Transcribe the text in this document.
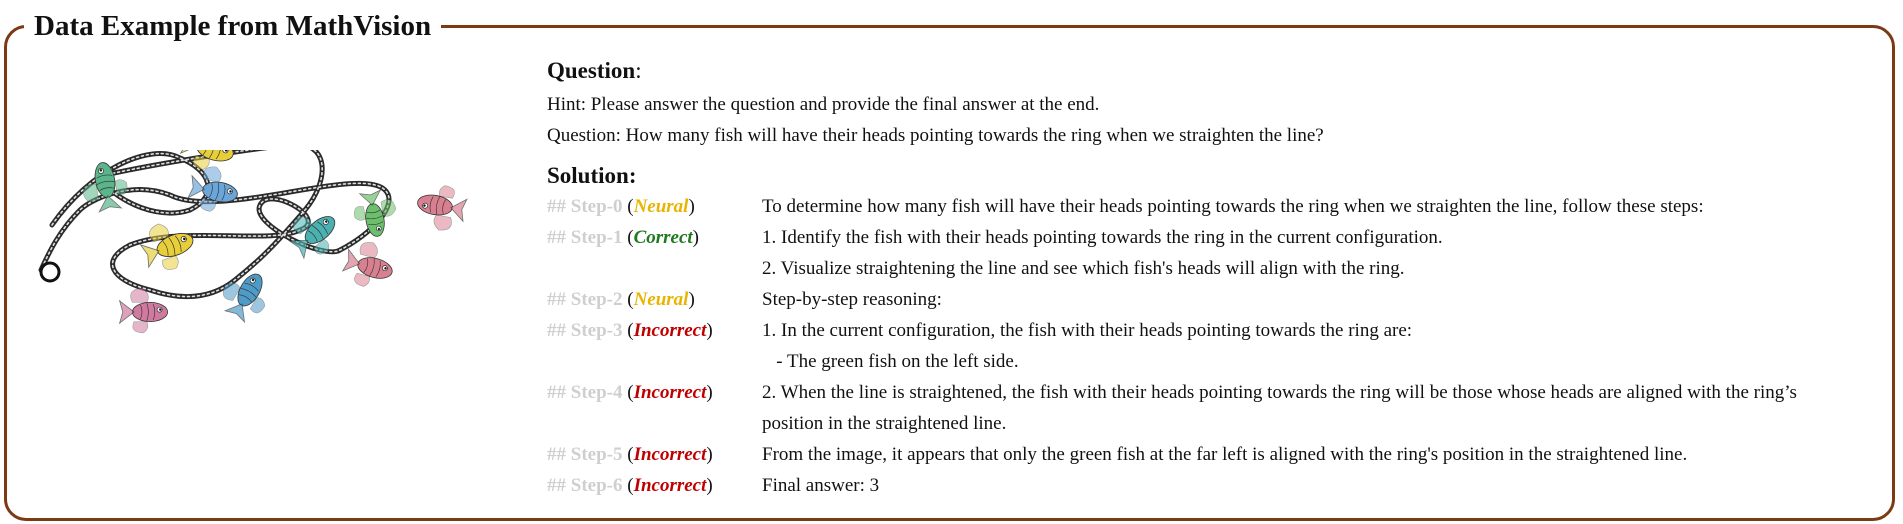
Data Example from MathVision
Question:
Hint: Please answer the question and provide the final answer at the end.
Question: How many fish will have their heads pointing towards the ring when we straighten the line?
Solution:
## Step-0 (Neural)	To determine how many fish will have their heads pointing towards the ring when we straighten the line, follow these steps:
## Step-1 (Correct)	1. Identify the fish with their heads pointing towards the ring in the current configuration.
2. Visualize straightening the line and see which fish's heads will align with the ring.
## Step-2 (Neural)	Step-by-step reasoning:
## Step-3 (Incorrect)	1. In the current configuration, the fish with their heads pointing towards the ring are:
- The green fish on the left side.
## Step-4 (Incorrect)	2. When the line is straightened, the fish with their heads pointing towards the ring will be those whose heads are aligned with the ring’s
position in the straightened line.
## Step-5 (Incorrect)	From the image, it appears that only the green fish at the far left is aligned with the ring's position in the straightened line.
## Step-6 (Incorrect)	Final answer: 3
